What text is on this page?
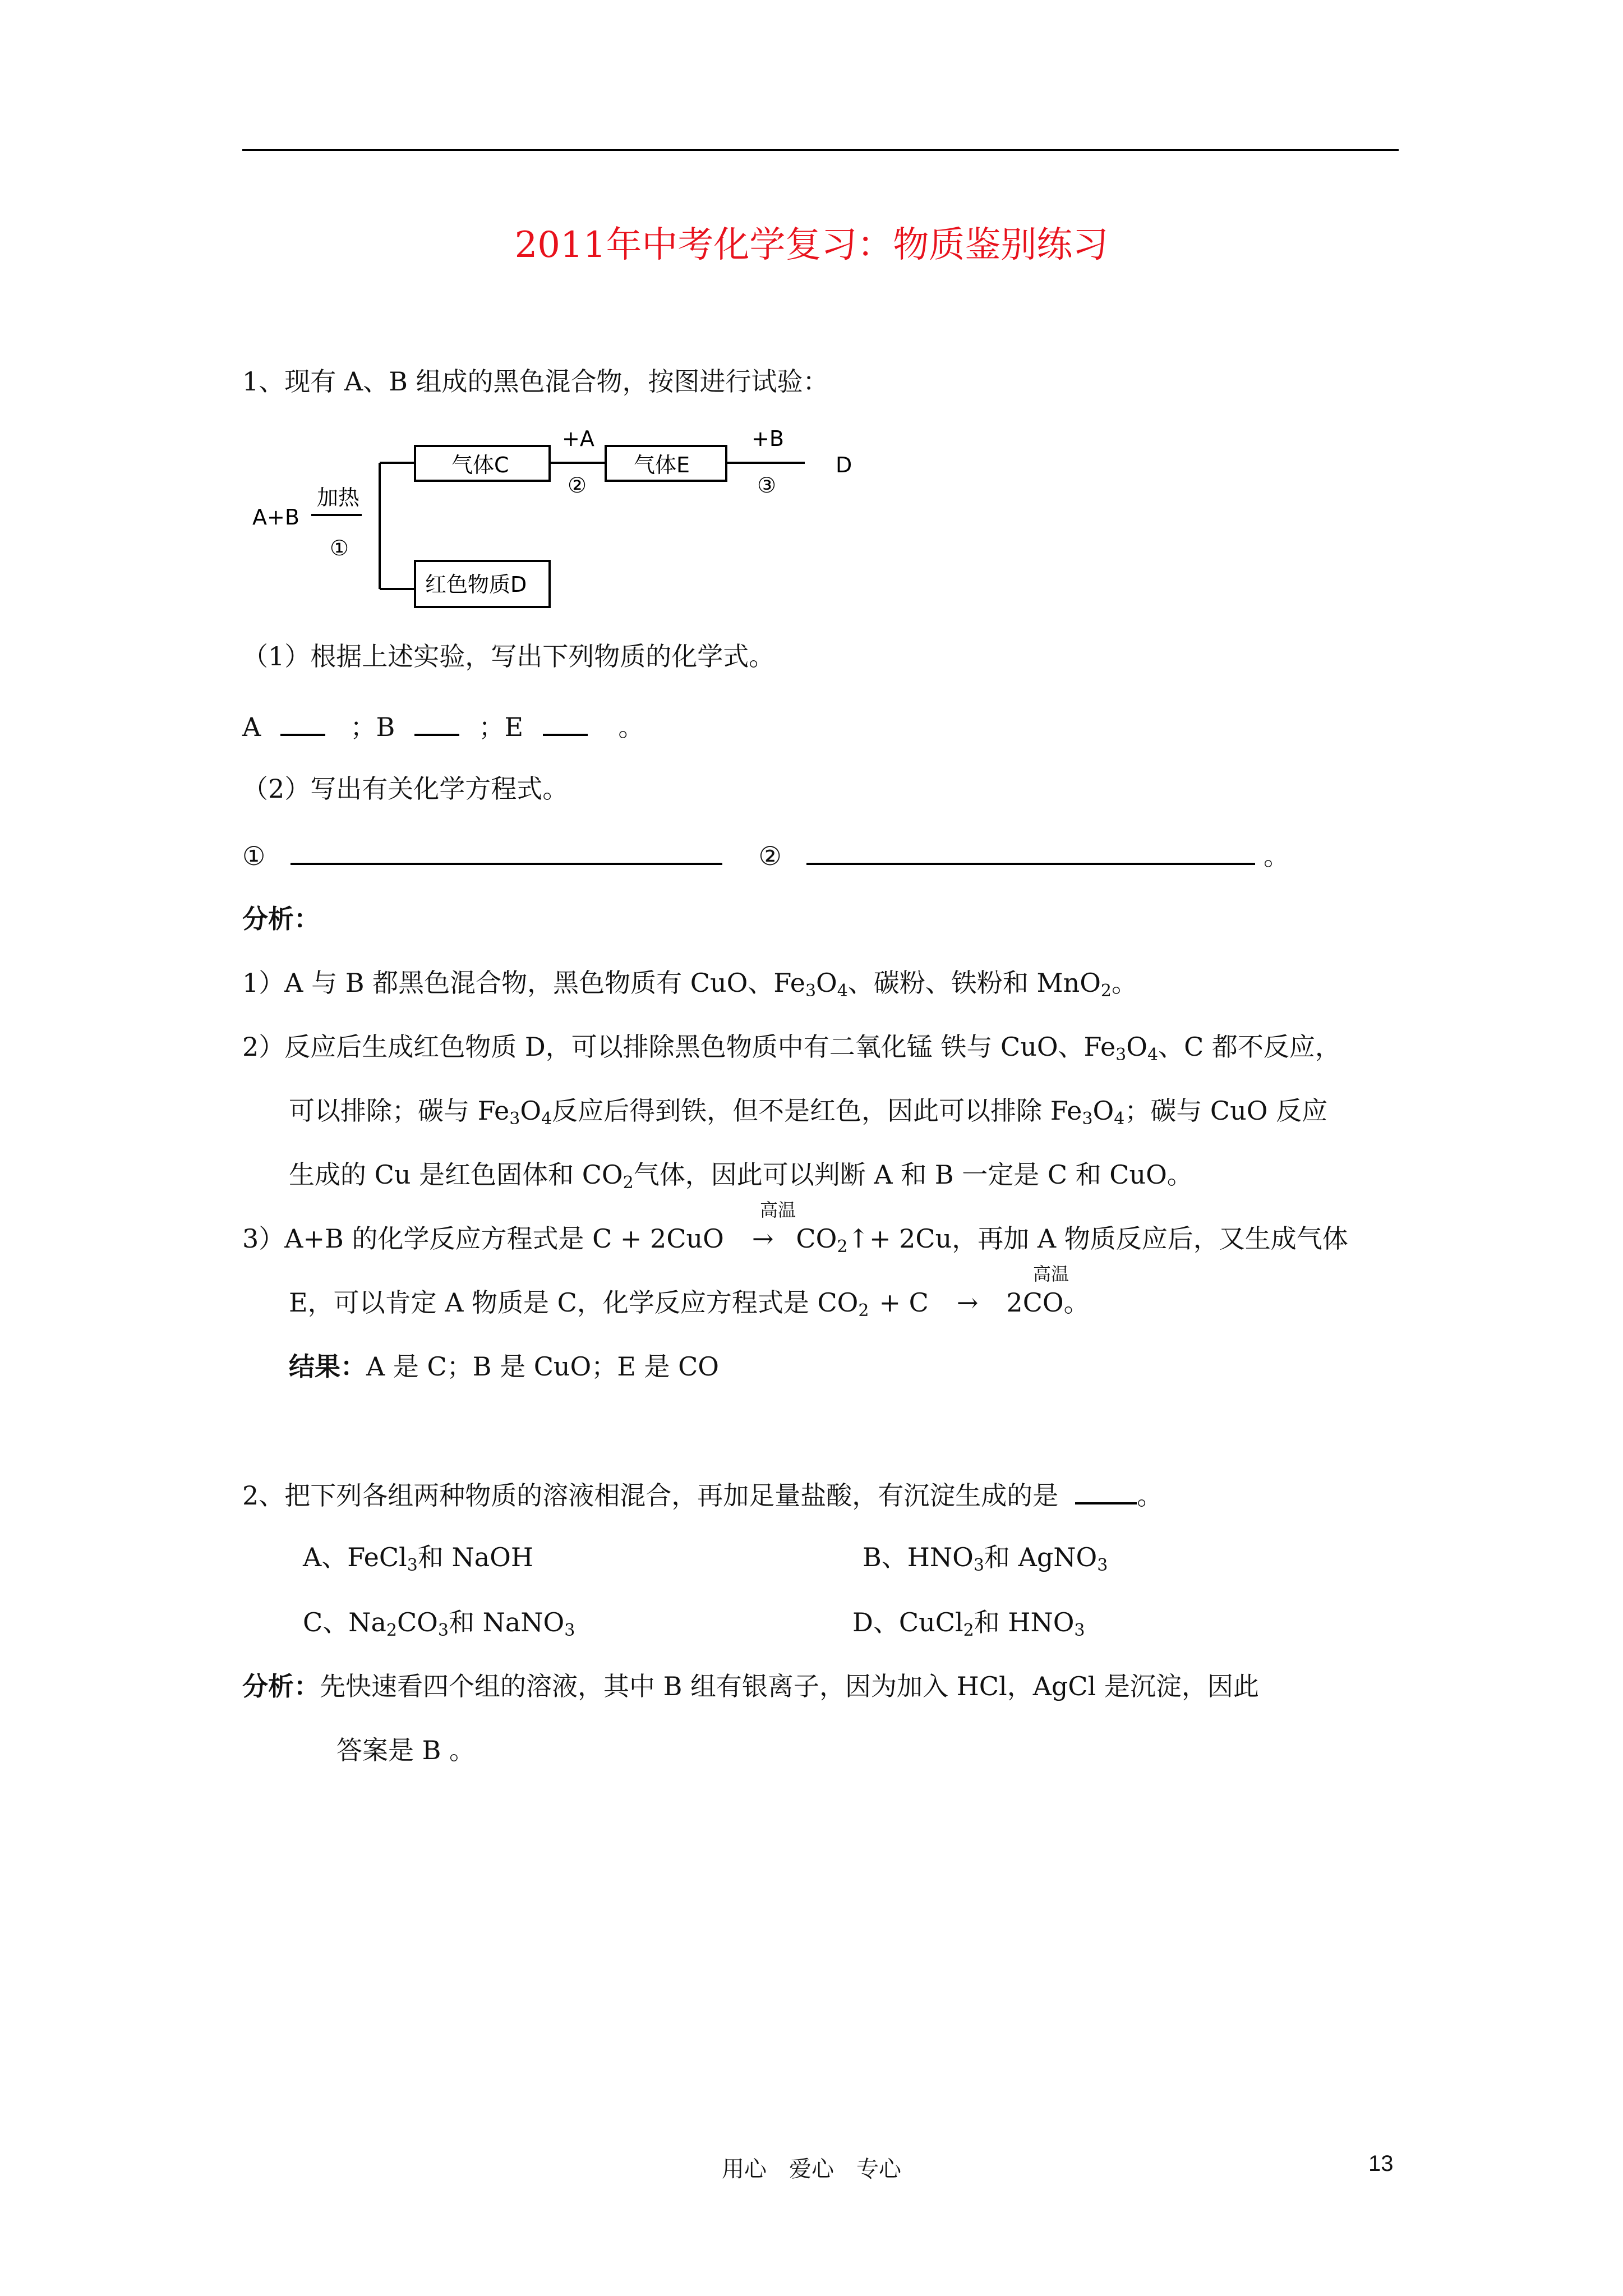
2011年中考化学复习：物质鉴别练习
1、现有 A、B 组成的黑色混合物，按图进行试验：
A+B
加热
①
气体C
+A
②
气体E
+B
③
D
红色物质D
（1）根据上述实验，写出下列物质的化学式。
A	；B	；E	。
（2）写出有关化学方程式。
①	②	。
分析：
1）A 与 B 都黑色混合物，黑色物质有 CuO、$Fe_3O_4$、碳粉、铁粉和 MnO$_2$。
2）反应后生成红色物质 D，可以排除黑色物质中有二氧化锰 铁与 CuO、$Fe_3O_4$、C 都不反应，
可以排除；碳与 $Fe_3O_4$反应后得到铁，但不是红色，因此可以排除 $Fe_3O_4$；碳与 CuO 反应
生成的 Cu 是红色固体和 $CO_2$气体，因此可以判断 A 和 B 一定是 C 和 CuO。
高温
3）A+B 的化学反应方程式是 $C + 2CuO \to CO_2↑+ 2Cu$，再加 A 物质反应后，又生成气体
高温
E，可以肯定 A 物质是 C，化学反应方程式是 $CO_2 + C \to 2CO$。
结果：A 是 C；B 是 CuO；E 是 CO
2、把下列各组两种物质的溶液相混合，再加足量盐酸，有沉淀生成的是	。
A、FeCl$_3$和 NaOH	B、$HNO_3$和 AgNO$_3$
C、$Na_2CO_3$和 NaNO$_3$	D、CuCl$_2$和 $HNO_3$
分析：先快速看四个组的溶液，其中 B 组有银离子，因为加入 HCl，AgCl 是沉淀，因此
答案是 B 。
用心　爱心　专心	13
